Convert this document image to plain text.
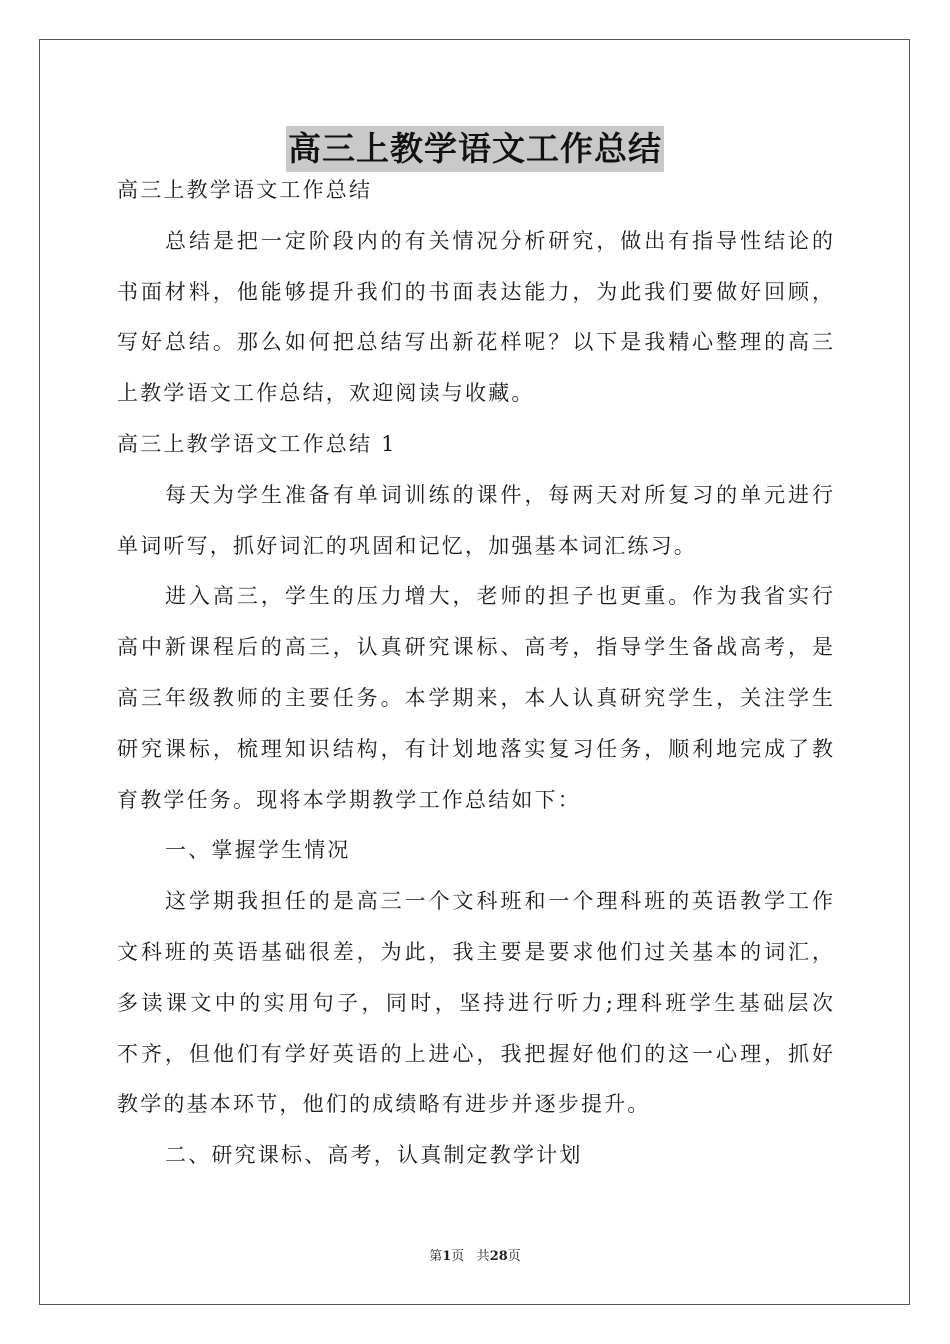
高三上教学语文工作总结
高三上教学语文工作总结
总结是把一定阶段内的有关情况分析研究，做出有指导性结论的
书面材料，他能够提升我们的书面表达能力，为此我们要做好回顾，
写好总结。那么如何把总结写出新花样呢？以下是我精心整理的高三
上教学语文工作总结，欢迎阅读与收藏。
高三上教学语文工作总结 1
每天为学生准备有单词训练的课件，每两天对所复习的单元进行
单词听写，抓好词汇的巩固和记忆，加强基本词汇练习。
进入高三，学生的压力增大，老师的担子也更重。作为我省实行
高中新课程后的高三，认真研究课标、高考，指导学生备战高考，是
高三年级教师的主要任务。本学期来，本人认真研究学生，关注学生
研究课标，梳理知识结构，有计划地落实复习任务，顺利地完成了教
育教学任务。现将本学期教学工作总结如下：
一、掌握学生情况
这学期我担任的是高三一个文科班和一个理科班的英语教学工作
文科班的英语基础很差，为此，我主要是要求他们过关基本的词汇，
多读课文中的实用句子，同时，坚持进行听力;理科班学生基础层次
不齐，但他们有学好英语的上进心，我把握好他们的这一心理，抓好
教学的基本环节，他们的成绩略有进步并逐步提升。
二、研究课标、高考，认真制定教学计划
第1页 共28页
